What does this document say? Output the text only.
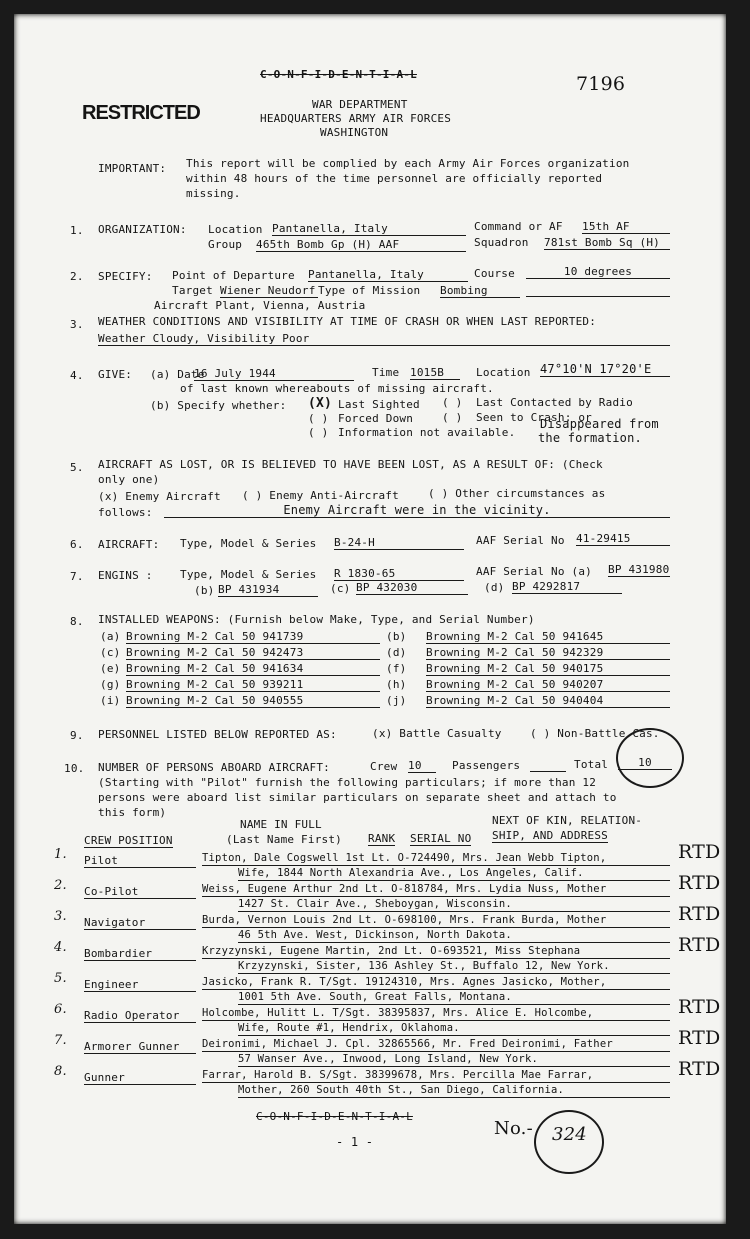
C-O-N-F-I-D-E-N-T-I-A-L	7196
RESTRICTED	WAR DEPARTMENT
HEADQUARTERS ARMY AIR FORCES
WASHINGTON
IMPORTANT: This report will be complied by each Army Air Forces organization
within 48 hours of the time personnel are officially reported
missing.
1. ORGANIZATION: Location Pantanella, Italy	Command or AF 15th AF
Group 465th Bomb Gp (H) AAF	Squadron 781st Bomb Sq (H)
2. SPECIFY: Point of Departure Pantanella, Italy	Course	10 degrees
Target Wiener Neudorf Type of Mission Bombing
Aircraft Plant, Vienna, Austria
3. WEATHER CONDITIONS AND VISIBILITY AT TIME OF CRASH OR WHEN LAST REPORTED:
Weather Cloudy, Visibility Poor
4. GIVE: (a) Date
16 July 1944	Time 1015B	Location 47°10'N 17°20'E
of last known whereabouts of missing aircraft.
(b) Specify whether: (X) Last Sighted ( ) Last Contacted by Radio
( ) Forced Down	( ) Seen to Crash; or
( ) Information not available.
Disappeared from
the formation.
5. AIRCRAFT AS LOST, OR IS BELIEVED TO HAVE BEEN LOST, AS A RESULT OF: (Check
only one)
(x) Enemy Aircraft ( ) Enemy Anti-Aircraft	( ) Other circumstances as
follows:	Enemy Aircraft were in the vicinity.
6. AIRCRAFT: Type, Model & Series B-24-H	AAF Serial No 41-29415
7. ENGINS : Type, Model & Series R 1830-65	AAF Serial No (a) BP 431980
(b) BP 431934	(c) BP 432030	(d) BP 4292817
8. INSTALLED WEAPONS: (Furnish below Make, Type, and Serial Number)
(a) Browning M-2 Cal 50 941739	(b) Browning M-2 Cal 50 941645
(c) Browning M-2 Cal 50 942473	(d) Browning M-2 Cal 50 942329
(e) Browning M-2 Cal 50 941634	(f) Browning M-2 Cal 50 940175
(g) Browning M-2 Cal 50 939211	(h) Browning M-2 Cal 50 940207
(i) Browning M-2 Cal 50 940555	(j) Browning M-2 Cal 50 940404
9. PERSONNEL LISTED BELOW REPORTED AS:	(x) Battle Casualty	( ) Non-Battle Cas.
10. NUMBER OF PERSONS ABOARD AIRCRAFT:	Crew 10	Passengers	Total	10
(Starting with "Pilot" furnish the following particulars; if more than 12
persons were aboard list similar particulars on separate sheet and attach to
this form)
NAME IN FULL
(Last Name First)
NEXT OF KIN, RELATION-
SHIP, AND ADDRESS
CREW POSITION	RANK SERIAL NO
1. Pilot	Tipton, Dale Cogswell 1st Lt. O-724490, Mrs. Jean Webb Tipton,
Wife, 1844 North Alexandria Ave., Los Angeles, Calif.
RTD
2. Co-Pilot	Weiss, Eugene Arthur 2nd Lt. O-818784, Mrs. Lydia Nuss, Mother
1427 St. Clair Ave., Sheboygan, Wisconsin.
RTD
3. Navigator	Burda, Vernon Louis 2nd Lt. O-698100, Mrs. Frank Burda, Mother
46 5th Ave. West, Dickinson, North Dakota.
RTD
4. Bombardier	Krzyzynski, Eugene Martin, 2nd Lt. O-693521, Miss Stephana
Krzyzynski, Sister, 136 Ashley St., Buffalo 12, New York.
RTD
5. Engineer	Jasicko, Frank R. T/Sgt. 19124310, Mrs. Agnes Jasicko, Mother,
1001 5th Ave. South, Great Falls, Montana.
6. Radio Operator	Holcombe, Hulitt L. T/Sgt. 38395837, Mrs. Alice E. Holcombe,
Wife, Route #1, Hendrix, Oklahoma.
RTD
7. Armorer Gunner	Deironimi, Michael J. Cpl. 32865566, Mr. Fred Deironimi, Father
57 Wanser Ave., Inwood, Long Island, New York.
RTD
8. Gunner	Farrar, Harold B. S/Sgt. 38399678, Mrs. Percilla Mae Farrar,
Mother, 260 South 40th St., San Diego, California.
RTD
C-O-N-F-I-D-E-N-T-I-A-L
- 1 -
No.- 324
